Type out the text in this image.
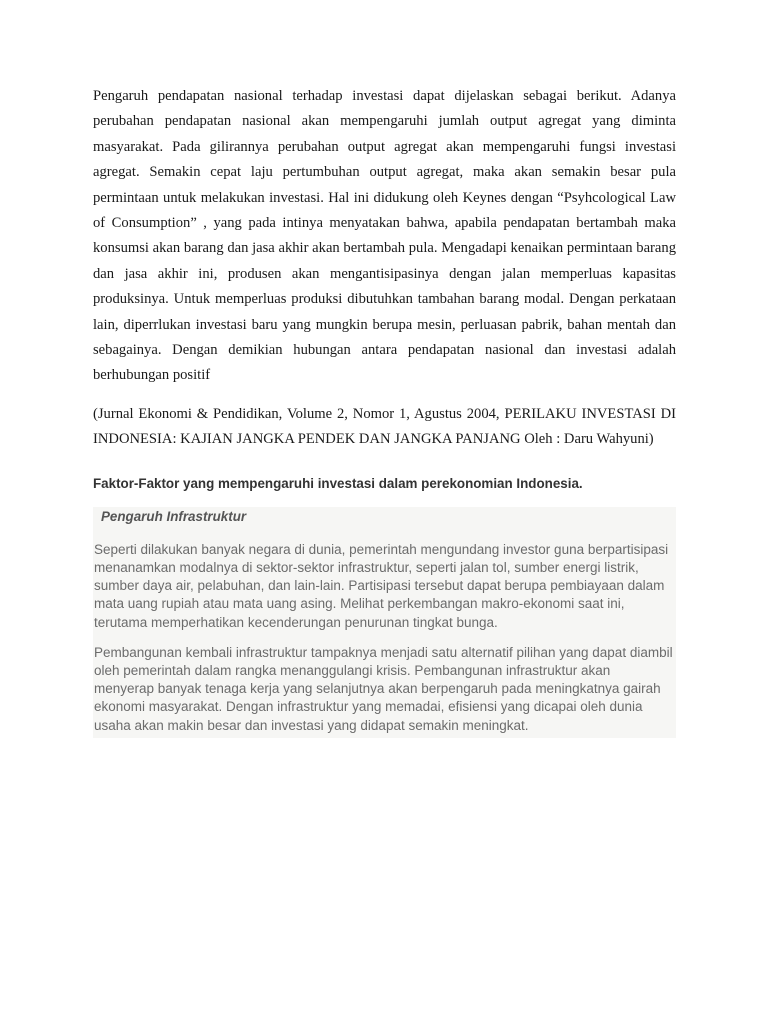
Pengaruh pendapatan nasional terhadap investasi dapat dijelaskan sebagai berikut. Adanya perubahan pendapatan nasional akan mempengaruhi jumlah output agregat yang diminta masyarakat. Pada gilirannya perubahan output agregat akan mempengaruhi fungsi investasi agregat. Semakin cepat laju pertumbuhan output agregat, maka akan semakin besar pula permintaan untuk melakukan investasi. Hal ini didukung oleh Keynes dengan “Psyhcological Law of Consumption” , yang pada intinya menyatakan bahwa, apabila pendapatan bertambah maka konsumsi akan barang dan jasa akhir akan bertambah pula. Mengadapi kenaikan permintaan barang dan jasa akhir ini, produsen akan mengantisipasinya dengan jalan memperluas kapasitas produksinya. Untuk memperluas produksi dibutuhkan tambahan barang modal. Dengan perkataan lain, diperrlukan investasi baru yang mungkin berupa mesin, perluasan pabrik, bahan mentah dan sebagainya. Dengan demikian hubungan antara pendapatan nasional dan investasi adalah berhubungan positif

(Jurnal Ekonomi & Pendidikan, Volume 2, Nomor 1, Agustus 2004, PERILAKU INVESTASI DI INDONESIA: KAJIAN JANGKA PENDEK DAN JANGKA PANJANG Oleh : Daru Wahyuni)

Faktor-Faktor yang mempengaruhi investasi dalam perekonomian Indonesia.

Pengaruh Infrastruktur

Seperti dilakukan banyak negara di dunia, pemerintah mengundang investor guna berpartisipasi menanamkan modalnya di sektor-sektor infrastruktur, seperti jalan tol, sumber energi listrik, sumber daya air, pelabuhan, dan lain-lain. Partisipasi tersebut dapat berupa pembiayaan dalam mata uang rupiah atau mata uang asing. Melihat perkembangan makro-ekonomi saat ini, terutama memperhatikan kecenderungan penurunan tingkat bunga.

Pembangunan kembali infrastruktur tampaknya menjadi satu alternatif pilihan yang dapat diambil oleh pemerintah dalam rangka menanggulangi krisis. Pembangunan infrastruktur akan menyerap banyak tenaga kerja yang selanjutnya akan berpengaruh pada meningkatnya gairah ekonomi masyarakat. Dengan infrastruktur yang memadai, efisiensi yang dicapai oleh dunia usaha akan makin besar dan investasi yang didapat semakin meningkat.
